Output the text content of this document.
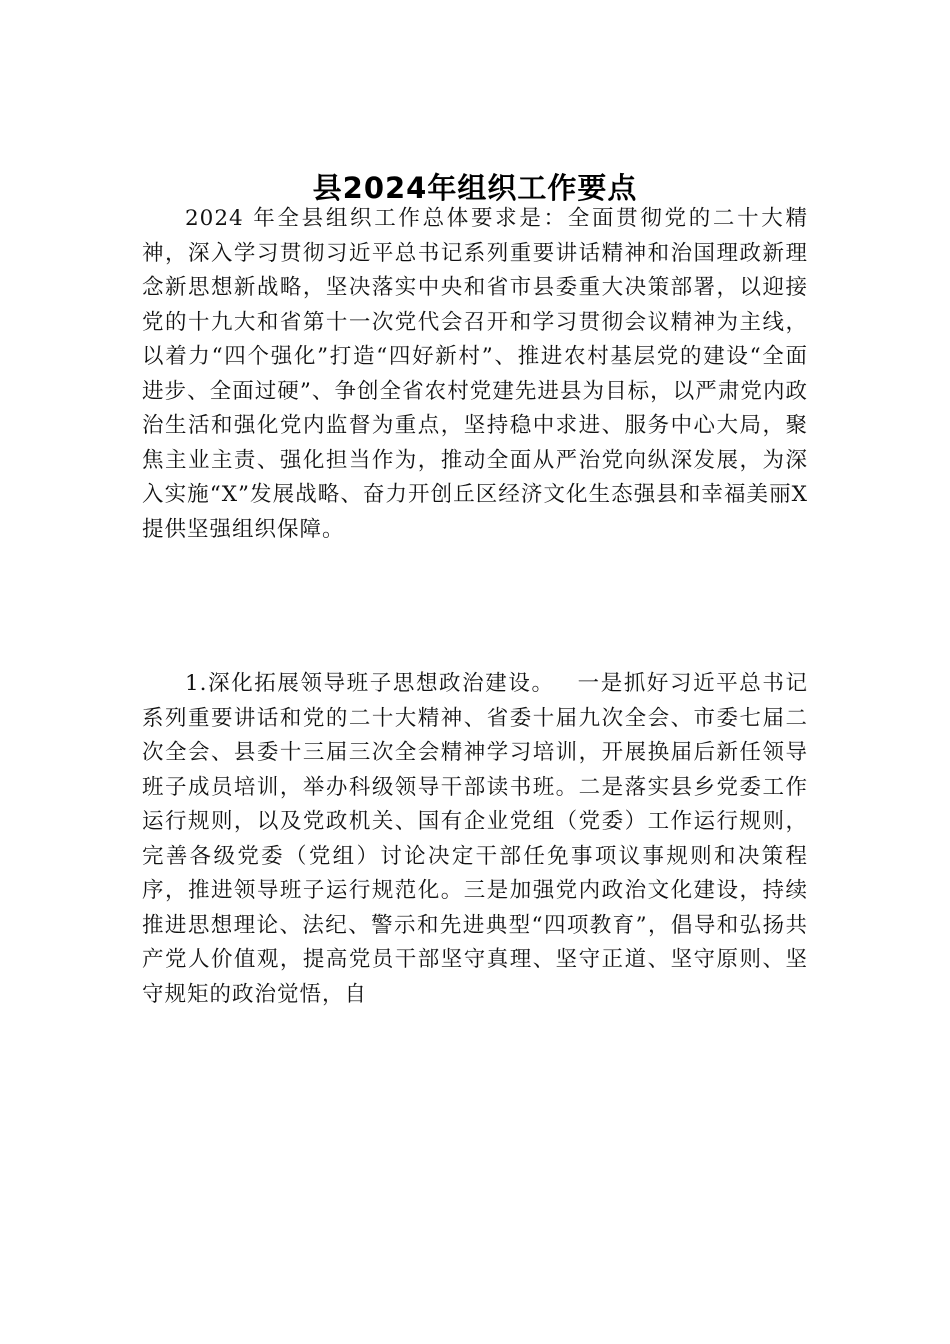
县2024年组织工作要点

2024 年全县组织工作总体要求是：全面贯彻党的二十大精神，深入学习贯彻习近平总书记系列重要讲话精神和治国理政新理念新思想新战略，坚决落实中央和省市县委重大决策部署，以迎接党的十九大和省第十一次党代会召开和学习贯彻会议精神为主线，以着力“四个强化”打造“四好新村”、推进农村基层党的建设“全面进步、全面过硬”、争创全省农村党建先进县为目标，以严肃党内政治生活和强化党内监督为重点，坚持稳中求进、服务中心大局，聚焦主业主责、强化担当作为，推动全面从严治党向纵深发展，为深入实施“X”发展战略、奋力开创丘区经济文化生态强县和幸福美丽X提供坚强组织保障。

1.深化拓展领导班子思想政治建设。  一是抓好习近平总书记系列重要讲话和党的二十大精神、省委十届九次全会、市委七届二次全会、县委十三届三次全会精神学习培训，开展换届后新任领导班子成员培训，举办科级领导干部读书班。二是落实县乡党委工作运行规则，以及党政机关、国有企业党组（党委）工作运行规则，完善各级党委（党组）讨论决定干部任免事项议事规则和决策程序，推进领导班子运行规范化。三是加强党内政治文化建设，持续推进思想理论、法纪、警示和先进典型“四项教育”，倡导和弘扬共产党人价值观，提高党员干部坚守真理、坚守正道、坚守原则、坚守规矩的政治觉悟，自
